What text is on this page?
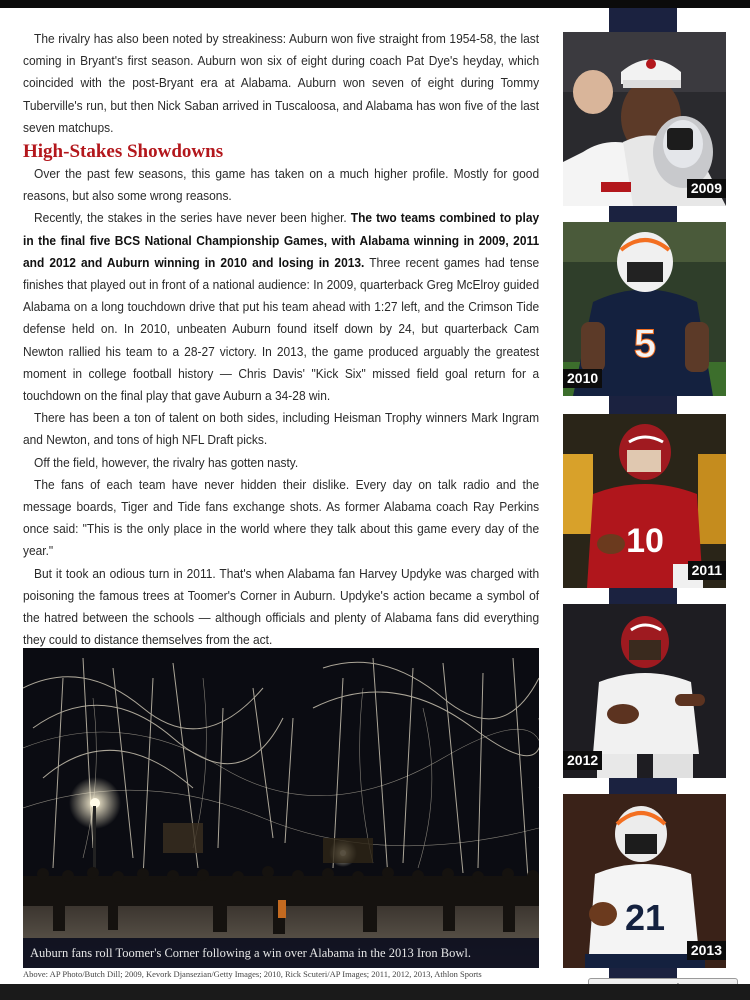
The rivalry has also been noted by streakiness: Auburn won five straight from 1954-58, the last coming in Bryant's first season. Auburn won six of eight during coach Pat Dye's heyday, which coincided with the post-Bryant era at Alabama. Auburn won seven of eight during Tommy Tuberville's run, but then Nick Saban arrived in Tuscaloosa, and Alabama has won five of the last seven matchups.

High-Stakes Showdowns

Over the past few seasons, this game has taken on a much higher profile. Mostly for good reasons, but also some wrong reasons.

Recently, the stakes in the series have never been higher. The two teams combined to play in the final five BCS National Championship Games, with Alabama winning in 2009, 2011 and 2012 and Auburn winning in 2010 and losing in 2013. Three recent games had tense finishes that played out in front of a national audience: In 2009, quarterback Greg McElroy guided Alabama on a long touchdown drive that put his team ahead with 1:27 left, and the Crimson Tide defense held on. In 2010, unbeaten Auburn found itself down by 24, but quarterback Cam Newton rallied his team to a 28-27 victory. In 2013, the game produced arguably the greatest moment in college football history — Chris Davis' "Kick Six" missed field goal return for a touchdown on the final play that gave Auburn a 34-28 win.

There has been a ton of talent on both sides, including Heisman Trophy winners Mark Ingram and Newton, and tons of high NFL Draft picks.

Off the field, however, the rivalry has gotten nasty.

The fans of each team have never hidden their dislike. Every day on talk radio and the message boards, Tiger and Tide fans exchange shots. As former Alabama coach Ray Perkins once said: "This is the only place in the world where they talk about this game every day of the year."

But it took an odious turn in 2011. That's when Alabama fan Harvey Updyke was charged with poisoning the famous trees at Toomer's Corner in Auburn. Updyke's action became a symbol of the hatred between the schools — although officials and plenty of Alabama fans did everything they could to distance themselves from the act.

Auburn fans roll Toomer's Corner following a win over Alabama in the 2013 Iron Bowl.
Above: AP Photo/Butch Dill; 2009, Kevork Djansezian/Getty Images; 2010, Rick Scuteri/AP Images; 2011, 2012, 2013, Athlon Sports
2009
5
2010
10
2011
2012
21
2013
